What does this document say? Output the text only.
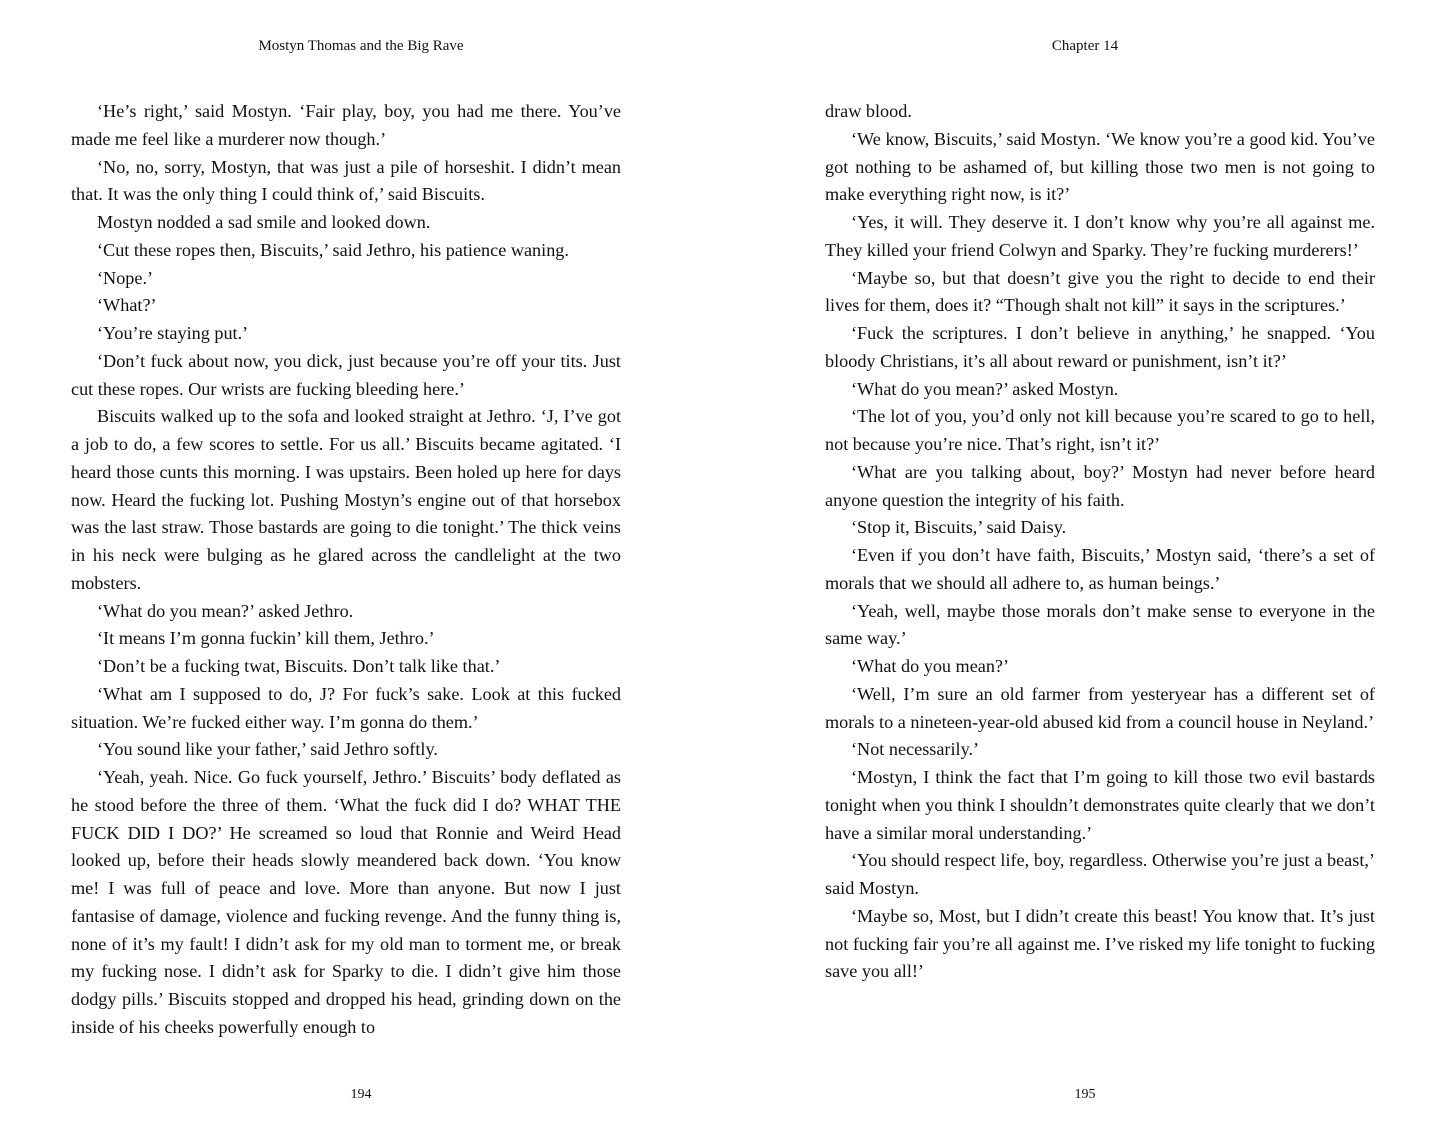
Mostyn Thomas and the Big Rave

‘He’s right,’ said Mostyn. ‘Fair play, boy, you had me there. You’ve made me feel like a murderer now though.’

‘No, no, sorry, Mostyn, that was just a pile of horseshit. I didn’t mean that. It was the only thing I could think of,’ said Biscuits.

Mostyn nodded a sad smile and looked down.

‘Cut these ropes then, Biscuits,’ said Jethro, his patience waning.

‘Nope.’

‘What?’

‘You’re staying put.’

‘Don’t fuck about now, you dick, just because you’re off your tits. Just cut these ropes. Our wrists are fucking bleeding here.’

Biscuits walked up to the sofa and looked straight at Jethro. ‘J, I’ve got a job to do, a few scores to settle. For us all.’ Biscuits became agitated. ‘I heard those cunts this morning. I was upstairs. Been holed up here for days now. Heard the fucking lot. Pushing Mostyn’s engine out of that horsebox was the last straw. Those bastards are going to die tonight.’ The thick veins in his neck were bulging as he glared across the candlelight at the two mobsters.

‘What do you mean?’ asked Jethro.

‘It means I’m gonna fuckin’ kill them, Jethro.’

‘Don’t be a fucking twat, Biscuits. Don’t talk like that.’

‘What am I supposed to do, J? For fuck’s sake. Look at this fucked situation. We’re fucked either way. I’m gonna do them.’

‘You sound like your father,’ said Jethro softly.

‘Yeah, yeah. Nice. Go fuck yourself, Jethro.’ Biscuits’ body deflated as he stood before the three of them. ‘What the fuck did I do? WHAT THE FUCK DID I DO?’ He screamed so loud that Ronnie and Weird Head looked up, before their heads slowly meandered back down. ‘You know me! I was full of peace and love. More than anyone. But now I just fantasise of damage, violence and fucking revenge. And the funny thing is, none of it’s my fault! I didn’t ask for my old man to torment me, or break my fucking nose. I didn’t ask for Sparky to die. I didn’t give him those dodgy pills.’ Biscuits stopped and dropped his head, grinding down on the inside of his cheeks powerfully enough to

194
Chapter 14

draw blood.

‘We know, Biscuits,’ said Mostyn. ‘We know you’re a good kid. You’ve got nothing to be ashamed of, but killing those two men is not going to make everything right now, is it?’

‘Yes, it will. They deserve it. I don’t know why you’re all against me. They killed your friend Colwyn and Sparky. They’re fucking murderers!’

‘Maybe so, but that doesn’t give you the right to decide to end their lives for them, does it? “Though shalt not kill” it says in the scriptures.’

‘Fuck the scriptures. I don’t believe in anything,’ he snapped. ‘You bloody Christians, it’s all about reward or punishment, isn’t it?’

‘What do you mean?’ asked Mostyn.

‘The lot of you, you’d only not kill because you’re scared to go to hell, not because you’re nice. That’s right, isn’t it?’

‘What are you talking about, boy?’ Mostyn had never before heard anyone question the integrity of his faith.

‘Stop it, Biscuits,’ said Daisy.

‘Even if you don’t have faith, Biscuits,’ Mostyn said, ‘there’s a set of morals that we should all adhere to, as human beings.’

‘Yeah, well, maybe those morals don’t make sense to everyone in the same way.’

‘What do you mean?’

‘Well, I’m sure an old farmer from yesteryear has a different set of morals to a nineteen-year-old abused kid from a council house in Neyland.’

‘Not necessarily.’

‘Mostyn, I think the fact that I’m going to kill those two evil bastards tonight when you think I shouldn’t demonstrates quite clearly that we don’t have a similar moral understanding.’

‘You should respect life, boy, regardless. Otherwise you’re just a beast,’ said Mostyn.

‘Maybe so, Most, but I didn’t create this beast! You know that. It’s just not fucking fair you’re all against me. I’ve risked my life tonight to fucking save you all!’

195
